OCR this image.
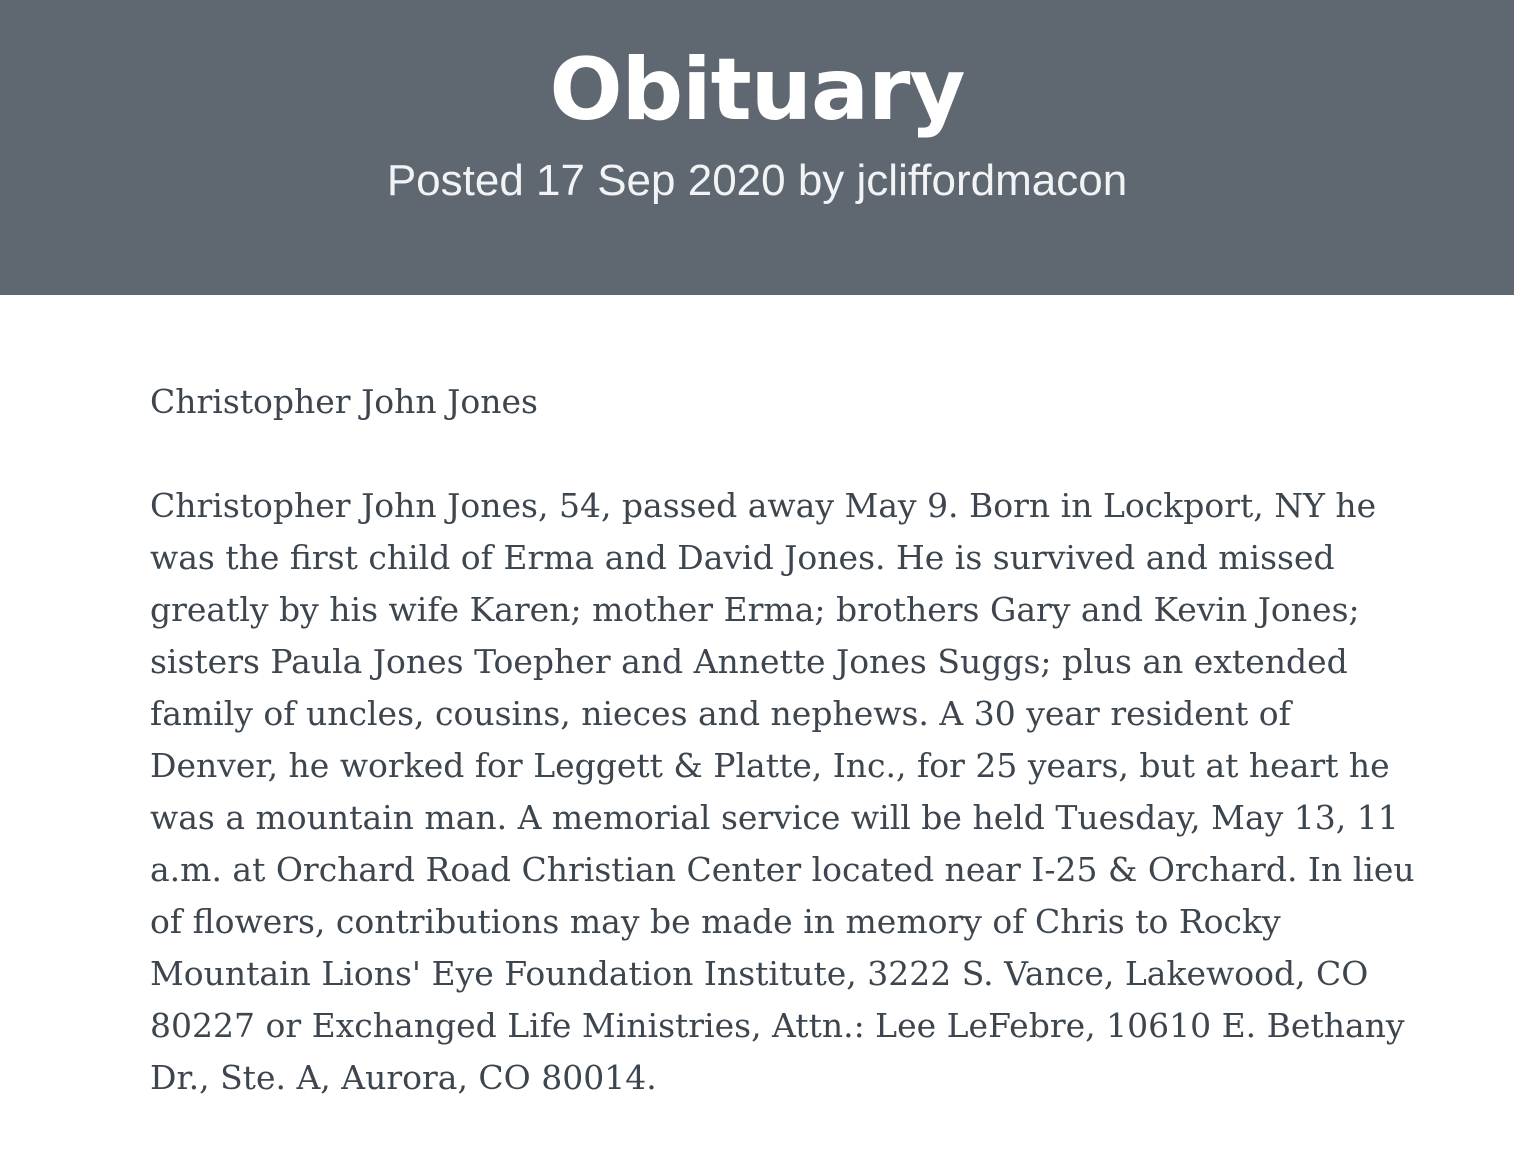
Obituary
Posted 17 Sep 2020 by jcliffordmacon

Christopher John Jones

Christopher John Jones, 54, passed away May 9. Born in Lockport, NY he
was the first child of Erma and David Jones. He is survived and missed
greatly by his wife Karen; mother Erma; brothers Gary and Kevin Jones;
sisters Paula Jones Toepher and Annette Jones Suggs; plus an extended
family of uncles, cousins, nieces and nephews. A 30 year resident of
Denver, he worked for Leggett & Platte, Inc., for 25 years, but at heart he
was a mountain man. A memorial service will be held Tuesday, May 13, 11
a.m. at Orchard Road Christian Center located near I-25 & Orchard. In lieu
of flowers, contributions may be made in memory of Chris to Rocky
Mountain Lions' Eye Foundation Institute, 3222 S. Vance, Lakewood, CO
80227 or Exchanged Life Ministries, Attn.: Lee LeFebre, 10610 E. Bethany
Dr., Ste. A, Aurora, CO 80014.
